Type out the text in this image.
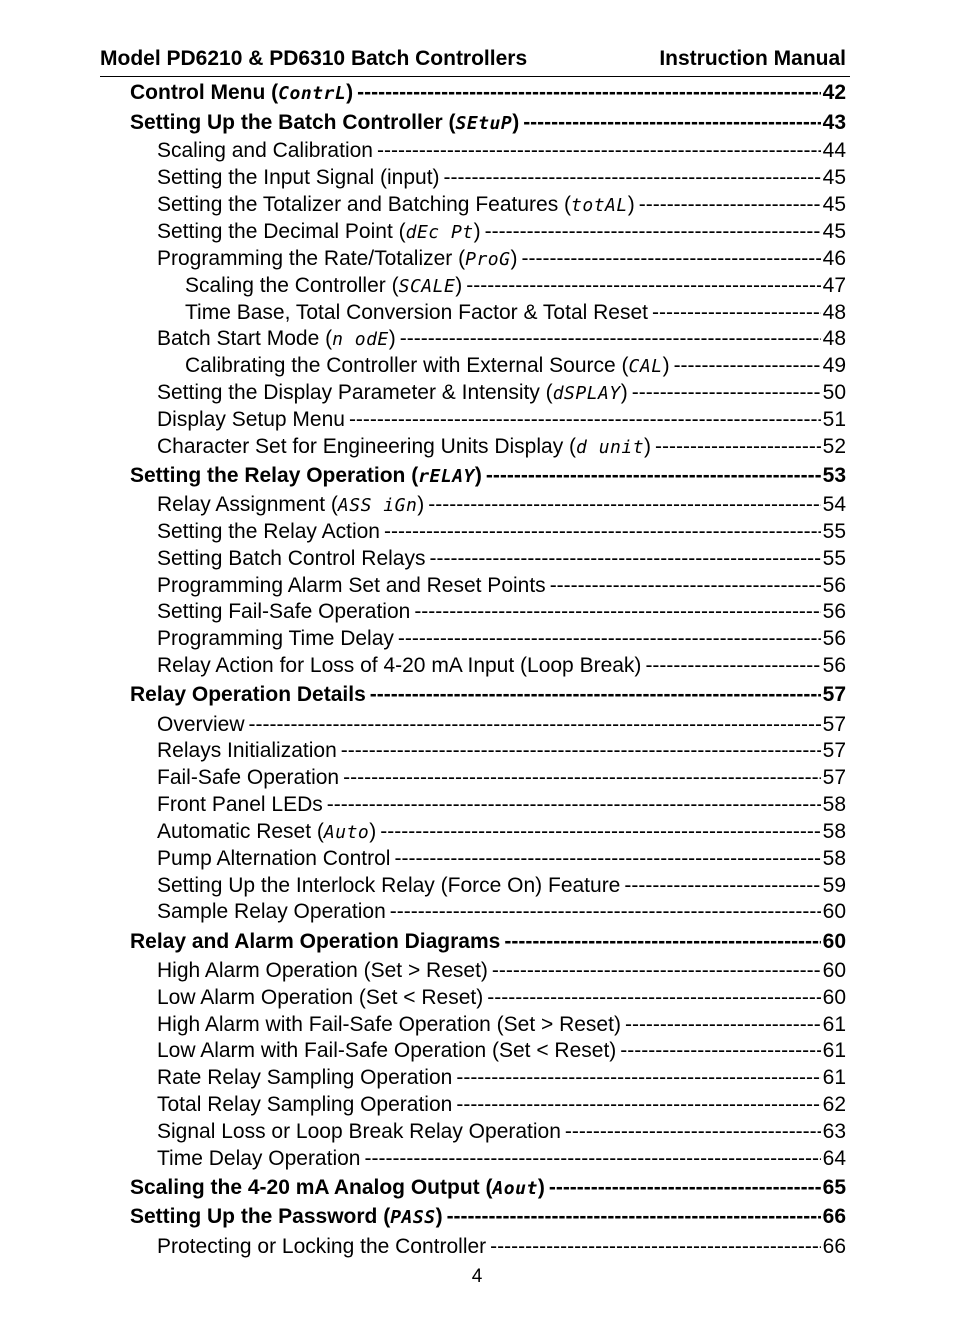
Model PD6210 & PD6310 Batch Controllers	Instruction Manual
Control Menu (ContrL) -----	42
Setting Up the Batch Controller (SEtuP) -----	43
Scaling and Calibration -----	44
Setting the Input Signal (input) -----	45
Setting the Totalizer and Batching Features (totAL) -----	45
Setting the Decimal Point (dEc Pt) -----	45
Programming the Rate/Totalizer (ProG) -----	46
Scaling the Controller (SCALE) -----	47
Time Base, Total Conversion Factor & Total Reset -----	48
Batch Start Mode (n odE) -----	48
Calibrating the Controller with External Source (CAL) -----	49
Setting the Display Parameter & Intensity (dSPLAY) -----	50
Display Setup Menu -----	51
Character Set for Engineering Units Display (d unit) -----	52
Setting the Relay Operation (rELAY) -----	53
Relay Assignment (ASS iGn) -----	54
Setting the Relay Action -----	55
Setting Batch Control Relays -----	55
Programming Alarm Set and Reset Points -----	56
Setting Fail-Safe Operation -----	56
Programming Time Delay -----	56
Relay Action for Loss of 4-20 mA Input (Loop Break) -----	56
Relay Operation Details -----	57
Overview -----	57
Relays Initialization -----	57
Fail-Safe Operation -----	57
Front Panel LEDs -----	58
Automatic Reset (Auto) -----	58
Pump Alternation Control -----	58
Setting Up the Interlock Relay (Force On) Feature -----	59
Sample Relay Operation -----	60
Relay and Alarm Operation Diagrams -----	60
High Alarm Operation (Set > Reset) -----	60
Low Alarm Operation (Set < Reset) -----	60
High Alarm with Fail-Safe Operation (Set > Reset) -----	61
Low Alarm with Fail-Safe Operation (Set < Reset) -----	61
Rate Relay Sampling Operation -----	61
Total Relay Sampling Operation -----	62
Signal Loss or Loop Break Relay Operation -----	63
Time Delay Operation -----	64
Scaling the 4-20 mA Analog Output (Aout) -----	65
Setting Up the Password (PASS) -----	66
Protecting or Locking the Controller -----	66
4
